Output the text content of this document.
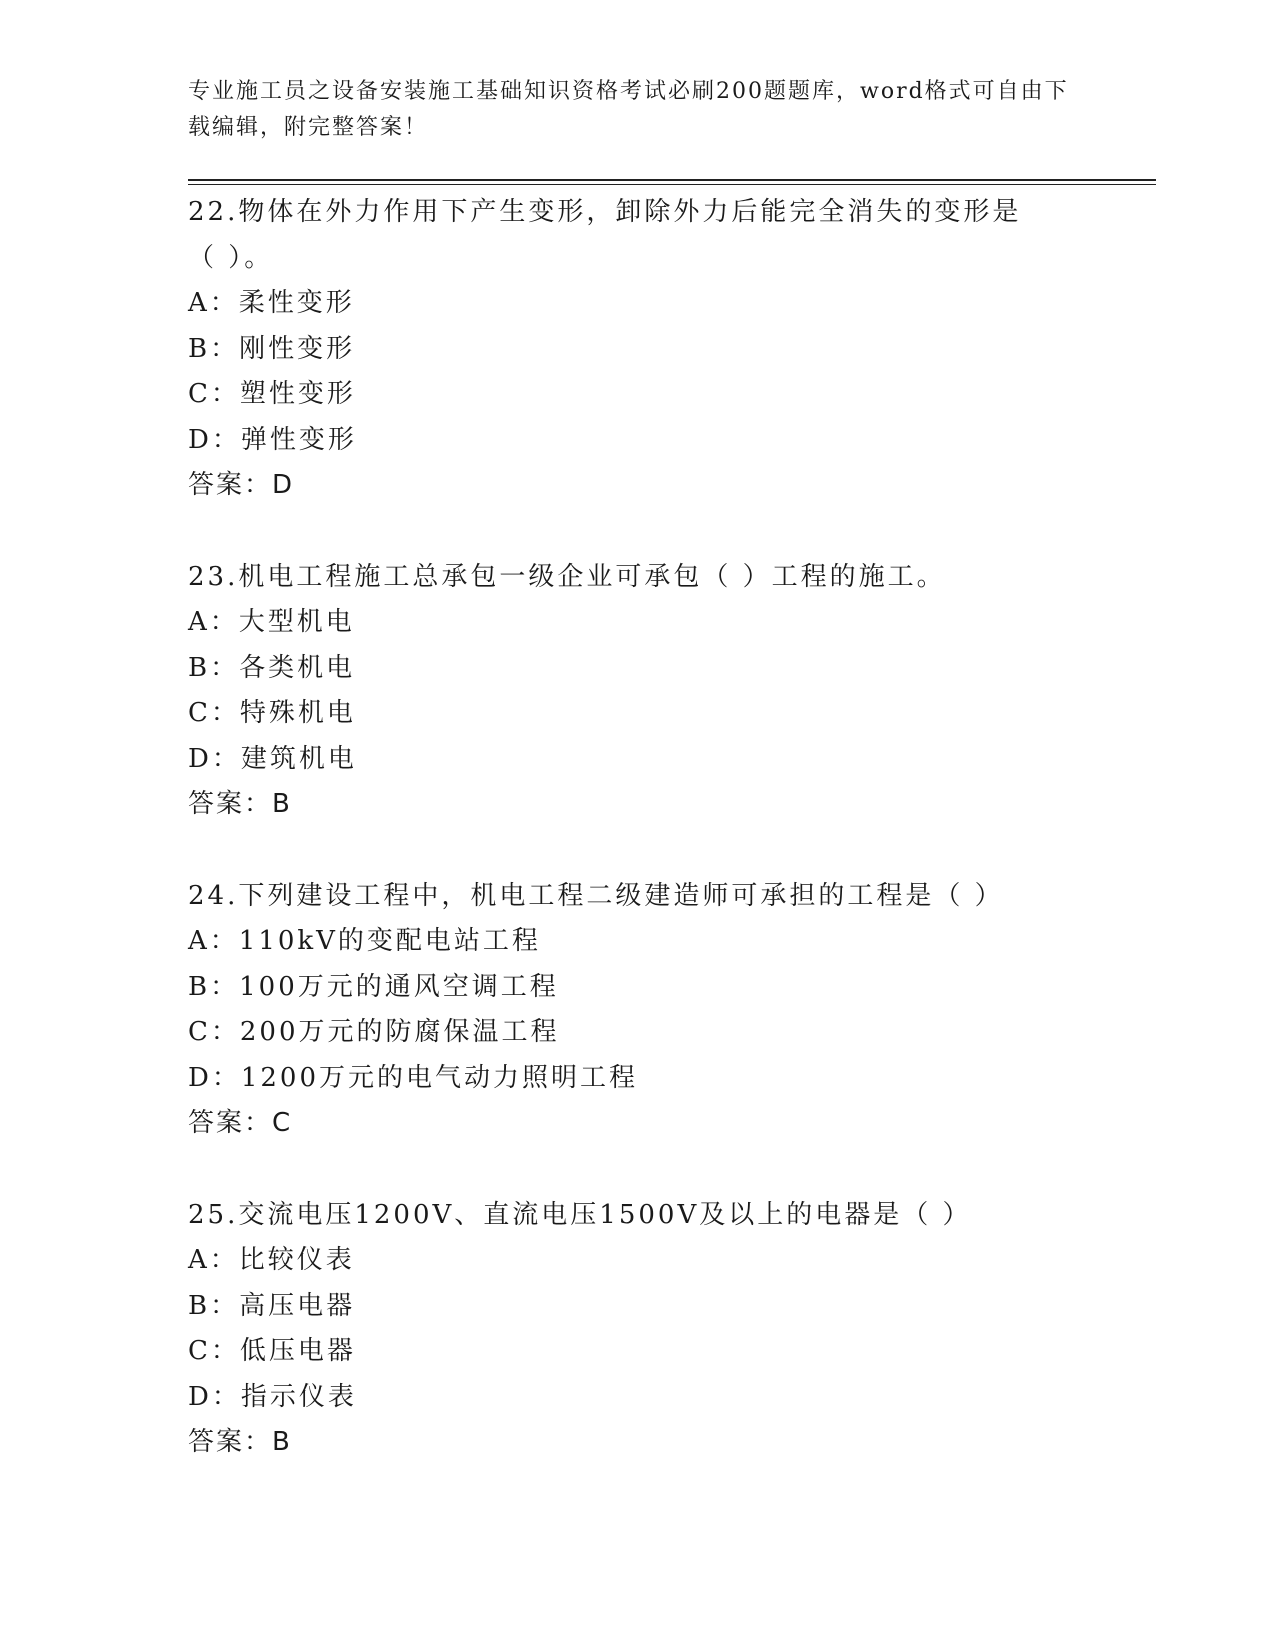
专业施工员之设备安装施工基础知识资格考试必刷200题题库，word格式可自由下载编辑，附完整答案！

22.物体在外力作用下产生变形，卸除外力后能完全消失的变形是（ ）。

A：柔性变形

B：刚性变形

C：塑性变形

D：弹性变形

答案：D

23.机电工程施工总承包一级企业可承包（ ）工程的施工。

A：大型机电

B：各类机电

C：特殊机电

D：建筑机电

答案：B

24.下列建设工程中，机电工程二级建造师可承担的工程是（ ）

A：110kV的变配电站工程

B：100万元的通风空调工程

C：200万元的防腐保温工程

D：1200万元的电气动力照明工程

答案：C

25.交流电压1200V、直流电压1500V及以上的电器是（ ）

A：比较仪表

B：高压电器

C：低压电器

D：指示仪表

答案：B
